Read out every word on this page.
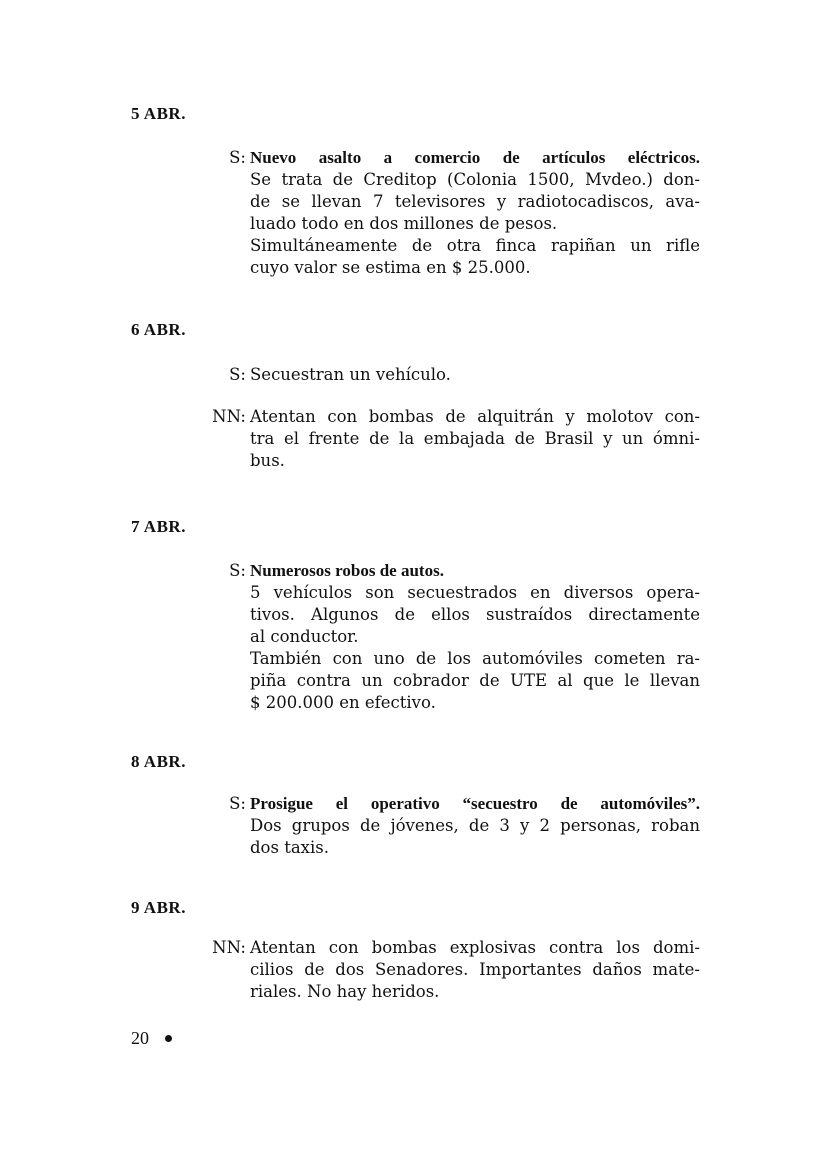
5 ABR.
S: Nuevo asalto a comercio de artículos eléctricos.
Se trata de Creditop (Colonia 1500, Mvdeo.) don-
de se llevan 7 televisores y radiotocadiscos, ava-
luado todo en dos millones de pesos.
Simultáneamente de otra finca rapiñan un rifle
cuyo valor se estima en $ 25.000.
6 ABR.
S: Secuestran un vehículo.
NN: Atentan con bombas de alquitrán y molotov con-
tra el frente de la embajada de Brasil y un ómni-
bus.
7 ABR.
S: Numerosos robos de autos.
5 vehículos son secuestrados en diversos opera-
tivos. Algunos de ellos sustraídos directamente
al conductor.
También con uno de los automóviles cometen ra-
piña contra un cobrador de UTE al que le llevan
$ 200.000 en efectivo.
8 ABR.
S: Prosigue el operativo “secuestro de automóviles”.
Dos grupos de jóvenes, de 3 y 2 personas, roban
dos taxis.
9 ABR.
NN: Atentan con bombas explosivas contra los domi-
cilios de dos Senadores. Importantes daños mate-
riales. No hay heridos.
20
